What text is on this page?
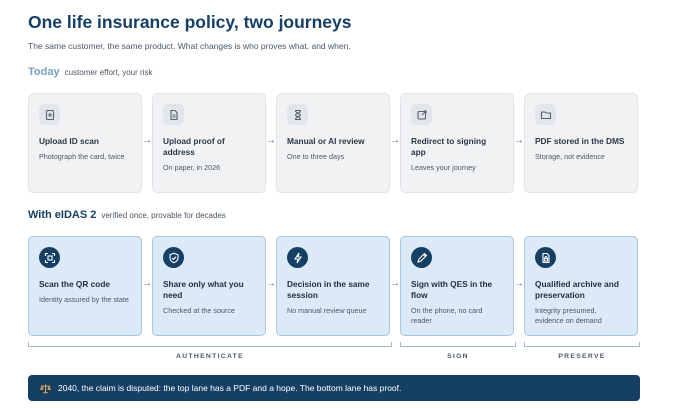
One life insurance policy, two journeys
The same customer, the same product. What changes is who proves what, and when.
Today customer effort, your risk
Upload ID scan
Photograph the card, twice
→ Upload proof of address
On paper, in 2026
→ Manual or AI review
One to three days
→ Redirect to signing app
Leaves your journey
→ PDF stored in the DMS
Storage, not evidence
With eIDAS 2 verified once, provable for decades
Scan the QR code
Identity assured by the state
→ Share only what you need
Checked at the source
→ Decision in the same session
No manual review queue
→ Sign with QES in the flow
On the phone, no card reader
→ Qualified archive and preservation
Integrity presumed, evidence on demand
AUTHENTICATE	SIGN	PRESERVE
2040, the claim is disputed: the top lane has a PDF and a hope. The bottom lane has proof.
